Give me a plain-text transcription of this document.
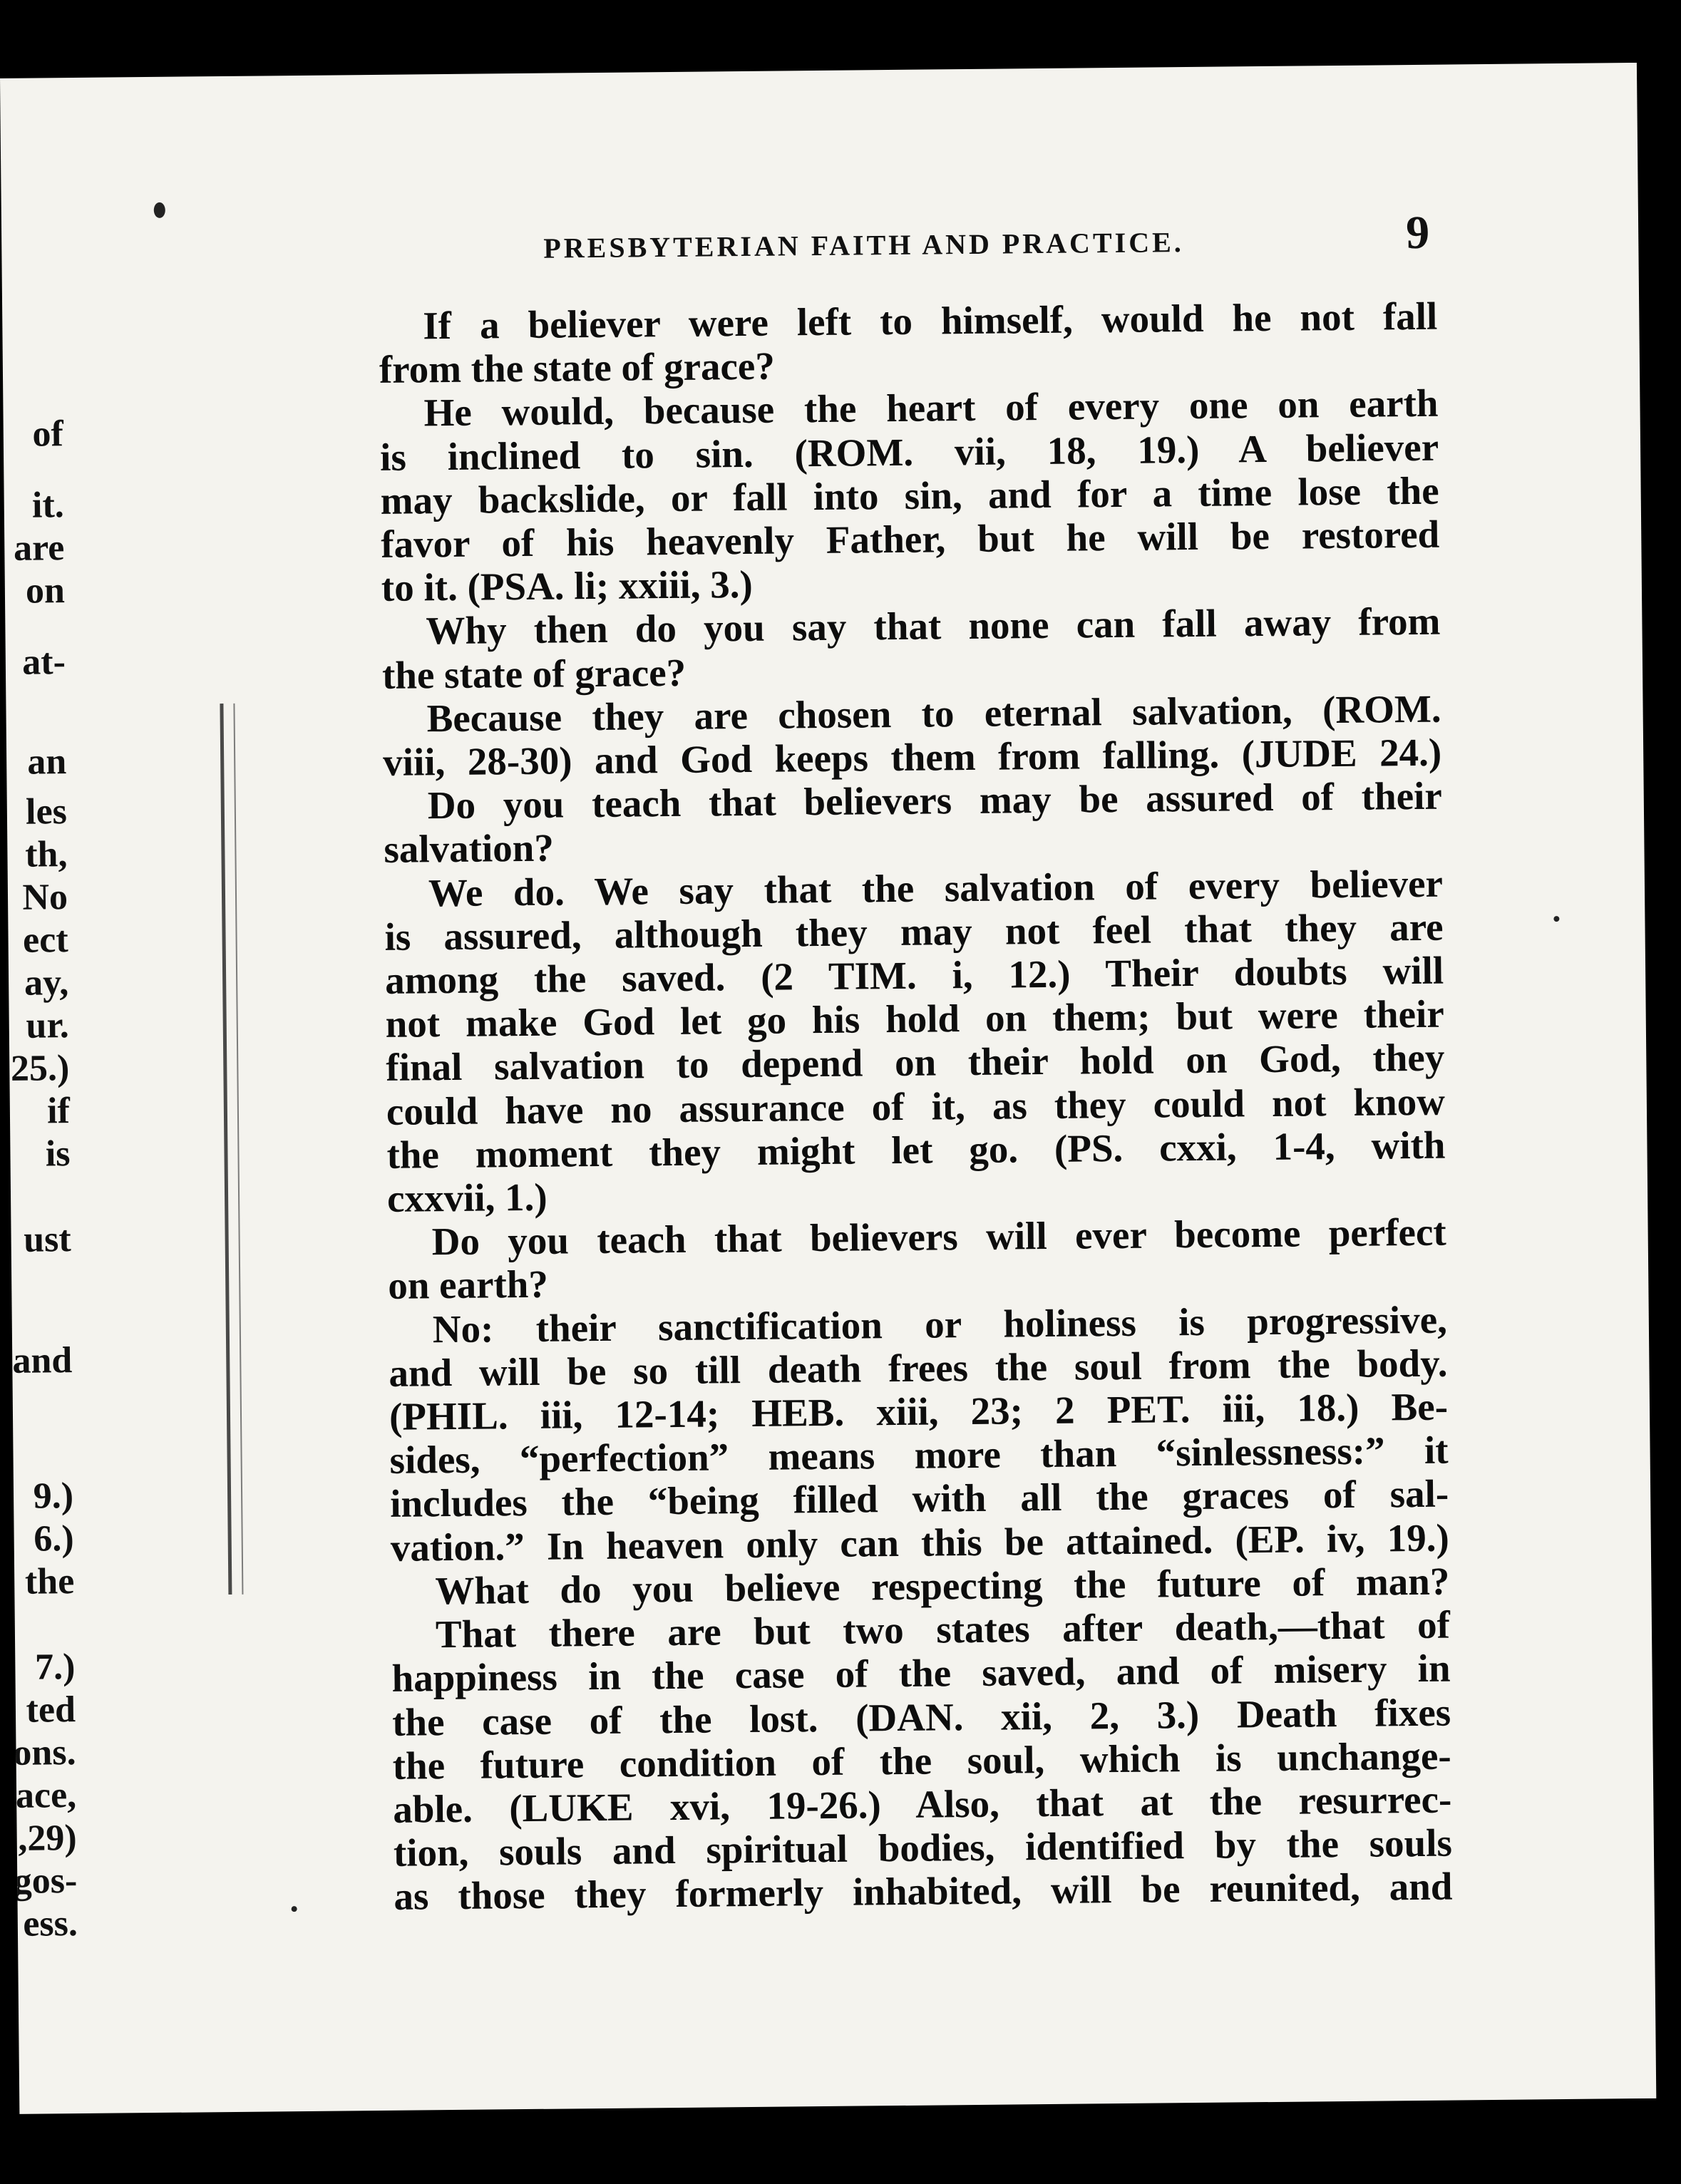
of
it.
are
on
at-
an
les
th,
No
ect
ay,
ur.
25.)
if
is
ust
and
9.)
6.)
the
7.)
ted
ons.
ace,
,29)
gos-
ess.
PRESBYTERIAN FAITH AND PRACTICE.	9
If a believer were left to himself, would he not fall
from the state of grace?
He would, because the heart of every one on earth
is inclined to sin. (ROM. vii, 18, 19.) A believer
may backslide, or fall into sin, and for a time lose the
favor of his heavenly Father, but he will be restored
to it. (PSA. li; xxiii, 3.)
Why then do you say that none can fall away from
the state of grace?
Because they are chosen to eternal salvation, (ROM.
viii, 28-30) and God keeps them from falling. (JUDE 24.)
Do you teach that believers may be assured of their
salvation?
We do. We say that the salvation of every believer
is assured, although they may not feel that they are
among the saved. (2 TIM. i, 12.) Their doubts will
not make God let go his hold on them; but were their
final salvation to depend on their hold on God, they
could have no assurance of it, as they could not know
the moment they might let go. (PS. cxxi, 1-4, with
cxxvii, 1.)
Do you teach that believers will ever become perfect
on earth?
No: their sanctification or holiness is progressive,
and will be so till death frees the soul from the body.
(PHIL. iii, 12-14; HEB. xiii, 23; 2 PET. iii, 18.) Be-
sides, “perfection” means more than “sinlessness:” it
includes the “being filled with all the graces of sal-
vation.” In heaven only can this be attained. (EP. iv, 19.)
What do you believe respecting the future of man?
That there are but two states after death,—that of
happiness in the case of the saved, and of misery in
the case of the lost. (DAN. xii, 2, 3.) Death fixes
the future condition of the soul, which is unchange-
able. (LUKE xvi, 19-26.) Also, that at the resurrec-
tion, souls and spiritual bodies, identified by the souls
as those they formerly inhabited, will be reunited, and
